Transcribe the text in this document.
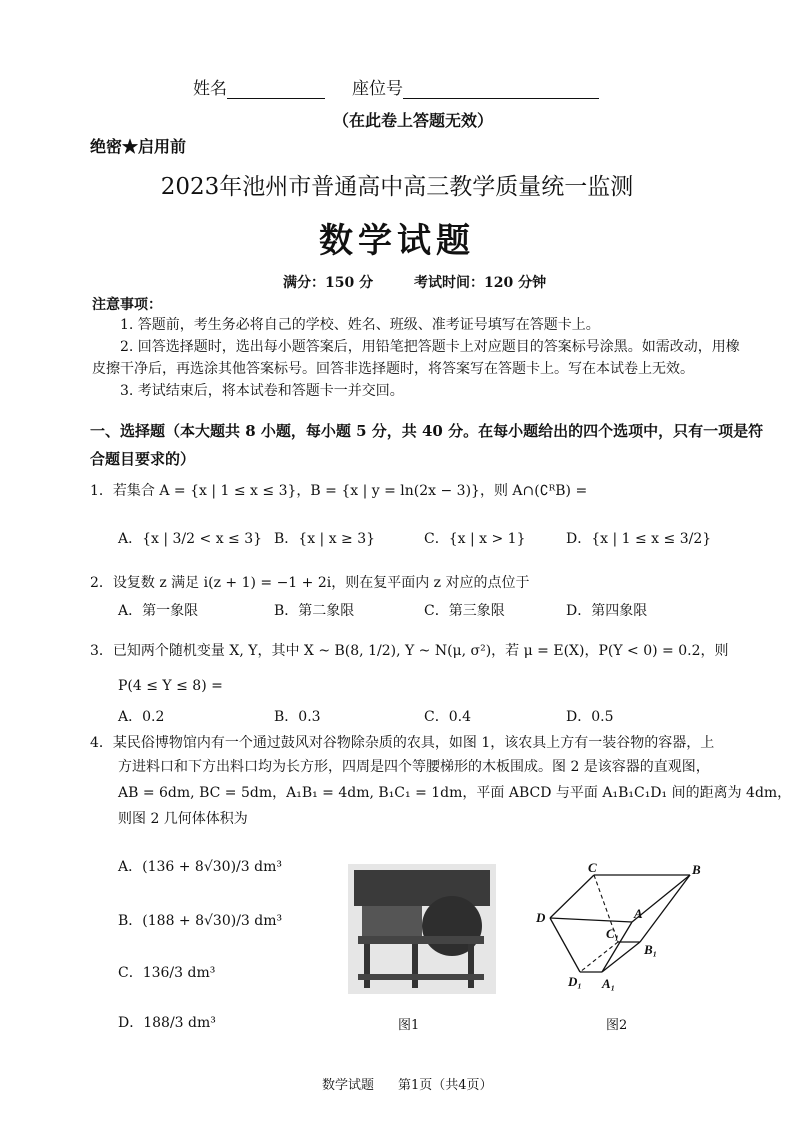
姓名	座位号
（在此卷上答题无效）
绝密★启用前
2023年池州市普通高中高三教学质量统一监测
数学试题
满分：150 分	考试时间：120 分钟
注意事项：
1. 答题前，考生务必将自己的学校、姓名、班级、准考证号填写在答题卡上。
2. 回答选择题时，选出每小题答案后，用铅笔把答题卡上对应题目的答案标号涂黑。如需改动，用橡
皮擦干净后，再选涂其他答案标号。回答非选择题时，将答案写在答题卡上。写在本试卷上无效。
3. 考试结束后，将本试卷和答题卡一并交回。
一、选择题（本大题共 8 小题，每小题 5 分，共 40 分。在每小题给出的四个选项中，只有一项是符
合题目要求的）
1．若集合 A = {x | 1 ≤ x ≤ 3}，B = {x | y = ln(2x − 3)}，则 A∩(∁ᴿB) =
A．{x | 3/2 < x ≤ 3} B．{x | x ≥ 3}	C．{x | x > 1}	D．{x | 1 ≤ x ≤ 3/2}
2．设复数 z 满足 i(z + 1) = −1 + 2i，则在复平面内 z 对应的点位于
A．第一象限	B．第二象限	C．第三象限	D．第四象限
3．已知两个随机变量 X, Y，其中 X ~ B(8, 1/2), Y ~ N(μ, σ²)，若 μ = E(X)，P(Y < 0) = 0.2，则
P(4 ≤ Y ≤ 8) =
A．0.2	B．0.3	C．0.4	D．0.5
4．某民俗博物馆内有一个通过鼓风对谷物除杂质的农具，如图 1，该农具上方有一装谷物的容器，上
方进料口和下方出料口均为长方形，四周是四个等腰梯形的木板围成。图 2 是该容器的直观图，
AB = 6dm, BC = 5dm，A₁B₁ = 4dm, B₁C₁ = 1dm，平面 ABCD 与平面 A₁B₁C₁D₁ 间的距离为 4dm，
则图 2 几何体体积为
A．(136 + 8√30)/3 dm³
B．(188 + 8√30)/3 dm³
C．136/3 dm³
D．188/3 dm³	图1
C	B
D	A
C₁
B₁
D₁ A₁
图2
数学试题 第1页（共4页）
